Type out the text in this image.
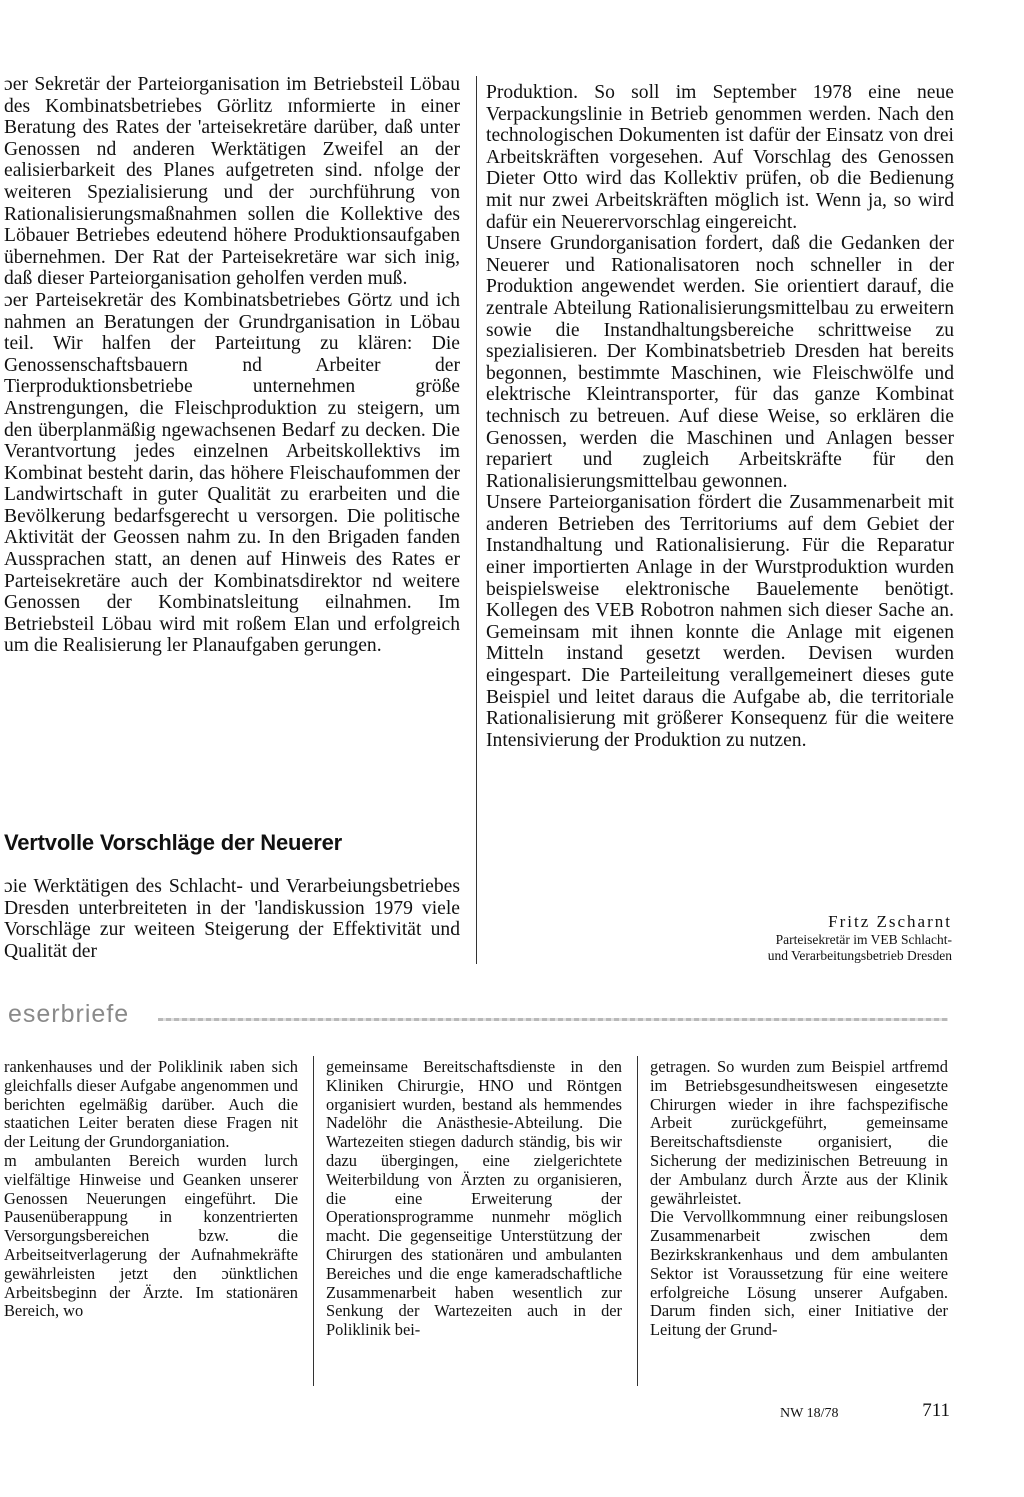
ɔer Sekretär der Parteiorganisation im Betriebsteil Löbau des Kombinatsbetriebes Görlitz ɪnformierte in einer Beratung des Rates der 'arteisekretäre darüber, daß unter Genossen nd anderen Werktätigen Zweifel an der ealisierbarkeit des Planes aufgetreten sind. nfolge der weiteren Spezialisierung und der ɔurchführung von Rationalisierungsmaßnahmen sollen die Kollektive des Löbauer Betriebes edeutend höhere Produktionsaufgaben übernehmen. Der Rat der Parteisekretäre war sich inig, daß dieser Parteiorganisation geholfen verden muß.

ɔer Parteisekretär des Kombinatsbetriebes Görtz und ich nahmen an Beratungen der Grundrganisation in Löbau teil. Wir halfen der Parteiɪtung zu klären: Die Genossenschaftsbauern nd Arbeiter der Tierproduktionsbetriebe unternehmen größe Anstrengungen, die Fleischproduktion zu steigern, um den überplanmäßig ngewachsenen Bedarf zu decken. Die Verantvortung jedes einzelnen Arbeitskollektivs im Kombinat besteht darin, das höhere Fleischaufommen der Landwirtschaft in guter Qualität zu erarbeiten und die Bevölkerung bedarfsgerecht u versorgen. Die politische Aktivität der Geossen nahm zu. In den Brigaden fanden Aussprachen statt, an denen auf Hinweis des Rates er Parteisekretäre auch der Kombinatsdirektor nd weitere Genossen der Kombinatsleitung eilnahmen. Im Betriebsteil Löbau wird mit roßem Elan und erfolgreich um die Realisierung ler Planaufgaben gerungen.

Vertvolle Vorschläge der Neuerer

ɔie Werktätigen des Schlacht- und Verarbeiungsbetriebes Dresden unterbreiteten in der 'landiskussion 1979 viele Vorschläge zur weiteen Steigerung der Effektivität und Qualität der

Produktion. So soll im September 1978 eine neue Verpackungslinie in Betrieb genommen werden. Nach den technologischen Dokumenten ist dafür der Einsatz von drei Arbeitskräften vorgesehen. Auf Vorschlag des Genossen Dieter Otto wird das Kollektiv prüfen, ob die Bedienung mit nur zwei Arbeitskräften möglich ist. Wenn ja, so wird dafür ein Neuerervorschlag eingereicht.

Unsere Grundorganisation fordert, daß die Gedanken der Neuerer und Rationalisatoren noch schneller in der Produktion angewendet werden. Sie orientiert darauf, die zentrale Abteilung Rationalisierungsmittelbau zu erweitern sowie die Instandhaltungsbereiche schrittweise zu spezialisieren. Der Kombinatsbetrieb Dresden hat bereits begonnen, bestimmte Maschinen, wie Fleischwölfe und elektrische Kleintransporter, für das ganze Kombinat technisch zu betreuen. Auf diese Weise, so erklären die Genossen, werden die Maschinen und Anlagen besser repariert und zugleich Arbeitskräfte für den Rationalisierungsmittelbau gewonnen.

Unsere Parteiorganisation fördert die Zusammenarbeit mit anderen Betrieben des Territoriums auf dem Gebiet der Instandhaltung und Rationalisierung. Für die Reparatur einer importierten Anlage in der Wurstproduktion wurden beispielsweise elektronische Bauelemente benötigt. Kollegen des VEB Robotron nahmen sich dieser Sache an. Gemeinsam mit ihnen konnte die Anlage mit eigenen Mitteln instand gesetzt werden. Devisen wurden eingespart. Die Parteileitung verallgemeinert dieses gute Beispiel und leitet daraus die Aufgabe ab, die territoriale Rationalisierung mit größerer Konsequenz für die weitere Intensivierung der Produktion zu nutzen.

Fritz Zscharnt
Parteisekretär im VEB Schlacht-
und Verarbeitungsbetrieb Dresden
eserbriefe

rankenhauses und der Poliklinik ɪaben sich gleichfalls dieser Aufgabe angenommen und berichten egelmäßig darüber. Auch die staatichen Leiter beraten diese Fragen nit der Leitung der Grundorganiation.

m ambulanten Bereich wurden lurch vielfältige Hinweise und Geanken unserer Genossen Neuerungen eingeführt. Die Pausenüberappung in konzentrierten Versorgungsbereichen bzw. die Arbeitseitverlagerung der Aufnahmekräfte gewährleisten jetzt den ɔünktlichen Arbeitsbeginn der Ärzte. Im stationären Bereich, wo

gemeinsame Bereitschaftsdienste in den Kliniken Chirurgie, HNO und Röntgen organisiert wurden, bestand als hemmendes Nadelöhr die Anästhesie-Abteilung. Die Wartezeiten stiegen dadurch ständig, bis wir dazu übergingen, eine zielgerichtete Weiterbildung von Ärzten zu organisieren, die eine Erweiterung der Operationsprogramme nunmehr möglich macht. Die gegenseitige Unterstützung der Chirurgen des stationären und ambulanten Bereiches und die enge kameradschaftliche Zusammenarbeit haben wesentlich zur Senkung der Wartezeiten auch in der Poliklinik bei-

getragen. So wurden zum Beispiel artfremd im Betriebsgesundheitswesen eingesetzte Chirurgen wieder in ihre fachspezifische Arbeit zurückgeführt, gemeinsame Bereitschaftsdienste organisiert, die Sicherung der medizinischen Betreuung in der Ambulanz durch Ärzte aus der Klinik gewährleistet.

Die Vervollkommnung einer reibungslosen Zusammenarbeit zwischen dem Bezirkskrankenhaus und dem ambulanten Sektor ist Voraussetzung für eine weitere erfolgreiche Lösung unserer Aufgaben. Darum finden sich, einer Initiative der Leitung der Grund-

NW 18/78	711
